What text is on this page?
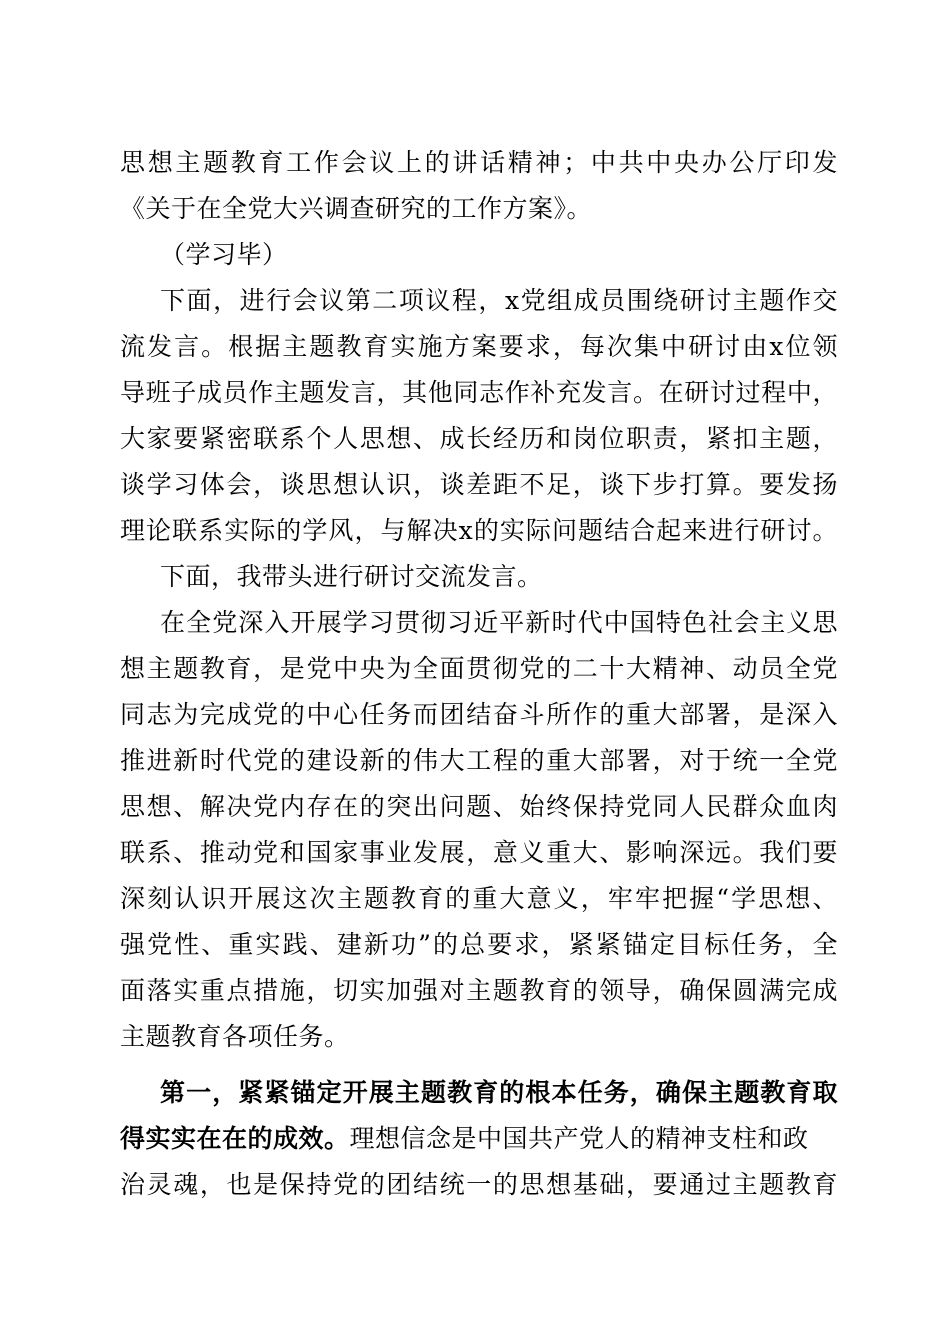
思想主题教育工作会议上的讲话精神；中共中央办公厅印发
《关于在全党大兴调查研究的工作方案》。
（学习毕）
下面，进行会议第二项议程，x党组成员围绕研讨主题作交
流发言。根据主题教育实施方案要求，每次集中研讨由x位领
导班子成员作主题发言，其他同志作补充发言。在研讨过程中，
大家要紧密联系个人思想、成长经历和岗位职责，紧扣主题，
谈学习体会，谈思想认识，谈差距不足，谈下步打算。要发扬
理论联系实际的学风，与解决x的实际问题结合起来进行研讨。
下面，我带头进行研讨交流发言。
在全党深入开展学习贯彻习近平新时代中国特色社会主义思
想主题教育，是党中央为全面贯彻党的二十大精神、动员全党
同志为完成党的中心任务而团结奋斗所作的重大部署，是深入
推进新时代党的建设新的伟大工程的重大部署，对于统一全党
思想、解决党内存在的突出问题、始终保持党同人民群众血肉
联系、推动党和国家事业发展，意义重大、影响深远。我们要
深刻认识开展这次主题教育的重大意义，牢牢把握“学思想、
强党性、重实践、建新功”的总要求，紧紧锚定目标任务，全
面落实重点措施，切实加强对主题教育的领导，确保圆满完成
主题教育各项任务。
第一，紧紧锚定开展主题教育的根本任务，确保主题教育取
得实实在在的成效。理想信念是中国共产党人的精神支柱和政
治灵魂，也是保持党的团结统一的思想基础，要通过主题教育
